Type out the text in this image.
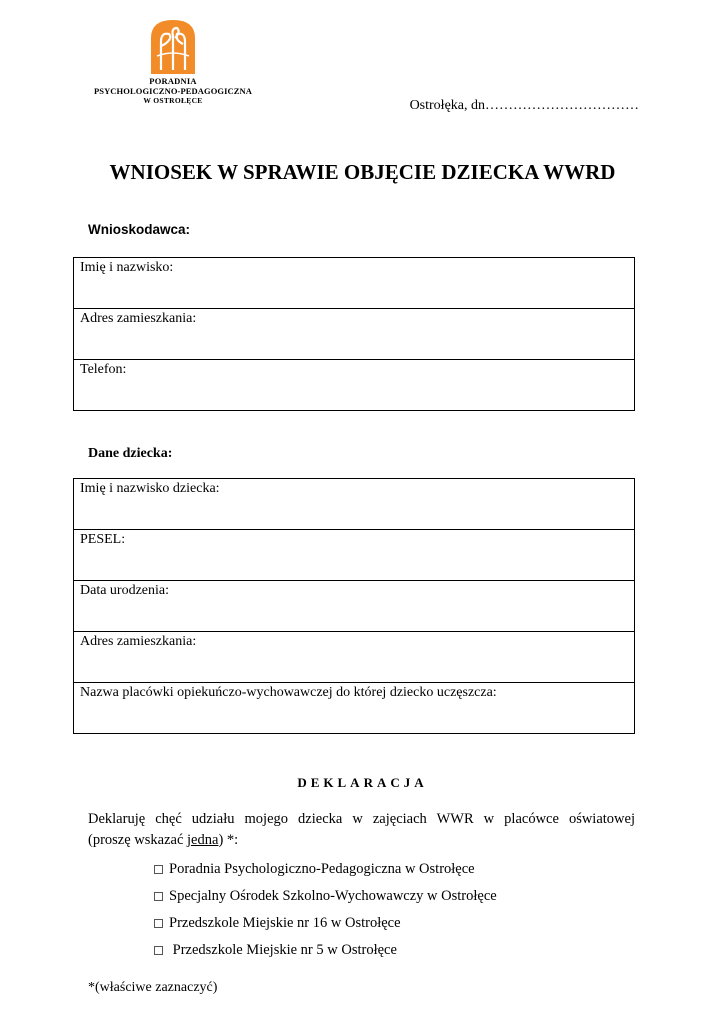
PORADNIA
PSYCHOLOGICZNO-PEDAGOGICZNA
W OSTROŁĘCE	Ostrołęka, dn……………………………
WNIOSEK W SPRAWIE OBJĘCIE DZIECKA WWRD
Wnioskodawca:
Imię i nazwisko:
Adres zamieszkania:
Telefon:
Dane dziecka:
Imię i nazwisko dziecka:
PESEL:
Data urodzenia:
Adres zamieszkania:
Nazwa placówki opiekuńczo-wychowawczej do której dziecko uczęszcza:
DEKLARACJA
Deklaruję chęć udziału mojego dziecka w zajęciach WWR w placówce oświatowej
(proszę wskazać jedna) *:
Poradnia Psychologiczno-Pedagogiczna w Ostrołęce
Specjalny Ośrodek Szkolno-Wychowawczy w Ostrołęce
Przedszkole Miejskie nr 16 w Ostrołęce
Przedszkole Miejskie nr 5 w Ostrołęce
*(właściwe zaznaczyć)
